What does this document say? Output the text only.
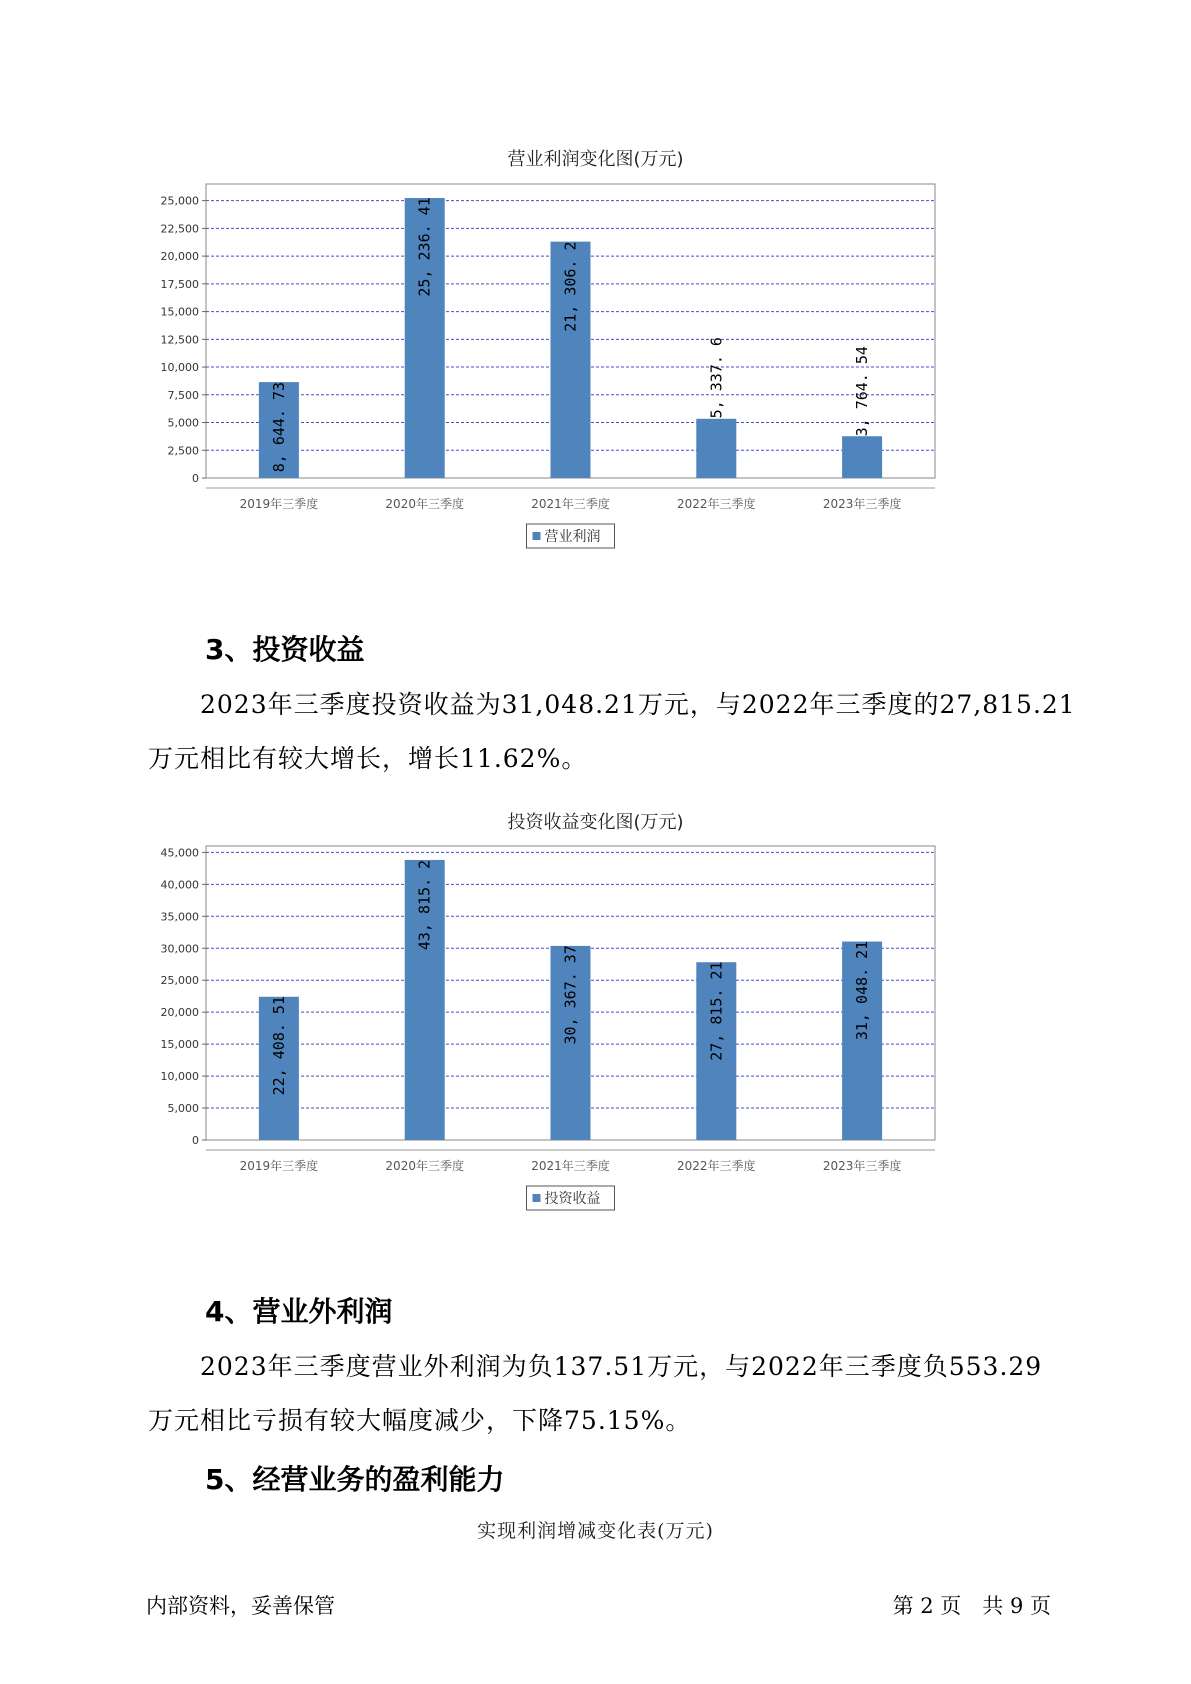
营业利润变化图(万元)
0
2,500
5,000
7,500
10,000
12,500
15,000
17,500
20,000
22,500
25,000
8, 644. 73
2019年三季度
25, 236. 41
2020年三季度
21, 306. 2
2021年三季度
5, 337. 6
2022年三季度
3, 764. 54
2023年三季度
营业利润
3、投资收益
2023年三季度投资收益为31,048.21万元，与2022年三季度的27,815.21
万元相比有较大增长，增长11.62%。
投资收益变化图(万元)
0
5,000
10,000
15,000
20,000
25,000
30,000
35,000
40,000
45,000
22, 408. 51
2019年三季度
43, 815. 2
2020年三季度
30, 367. 37
2021年三季度
27, 815. 21
2022年三季度
31, 048. 21
2023年三季度
投资收益
4、营业外利润
2023年三季度营业外利润为负137.51万元，与2022年三季度负553.29
万元相比亏损有较大幅度减少，下降75.15%。
5、经营业务的盈利能力
实现利润增减变化表(万元)
内部资料，妥善保管	第 2 页　共 9 页
